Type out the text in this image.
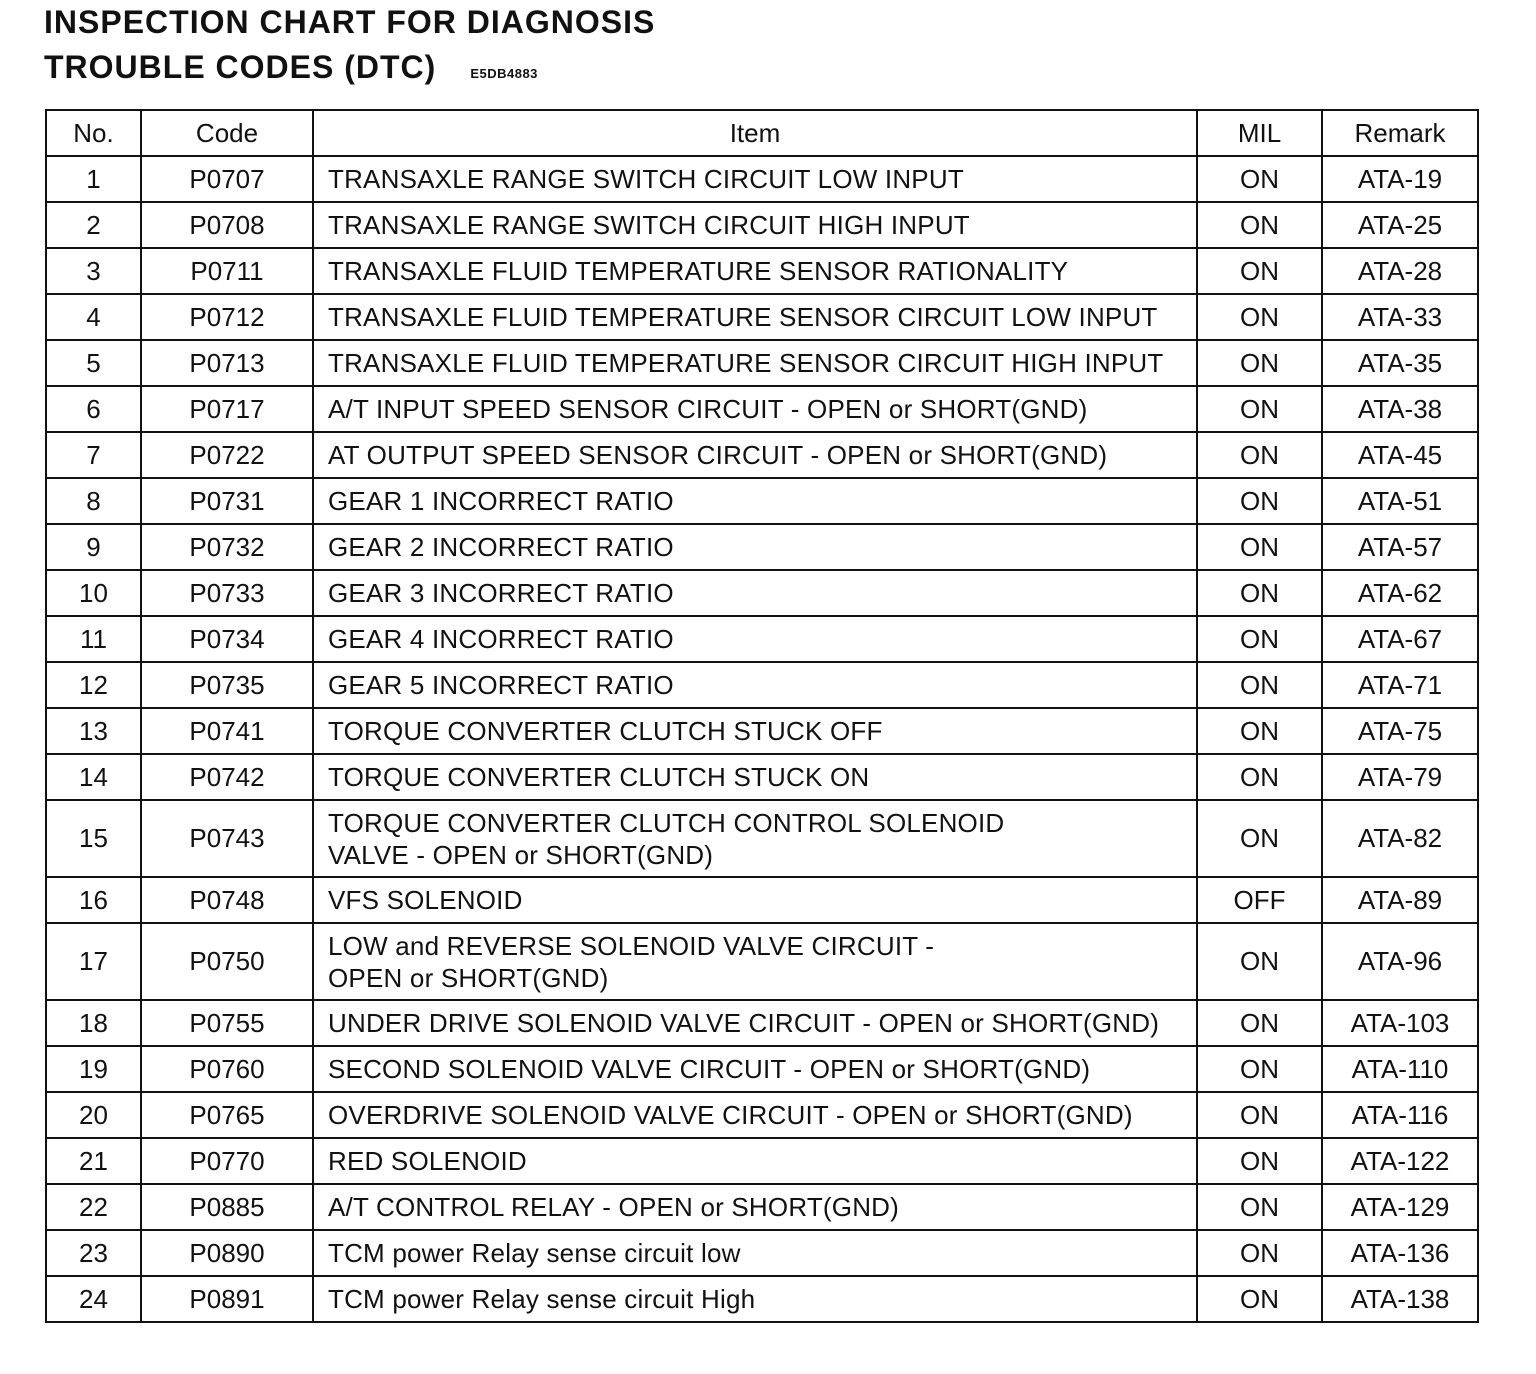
INSPECTION CHART FOR DIAGNOSIS
TROUBLE CODES (DTC)	E5DB4883
No.	Code	Item	MIL	Remark
1	P0707	TRANSAXLE RANGE SWITCH CIRCUIT LOW INPUT	ON	ATA-19
2	P0708	TRANSAXLE RANGE SWITCH CIRCUIT HIGH INPUT	ON	ATA-25
3	P0711	TRANSAXLE FLUID TEMPERATURE SENSOR RATIONALITY	ON	ATA-28
4	P0712	TRANSAXLE FLUID TEMPERATURE SENSOR CIRCUIT LOW INPUT	ON	ATA-33
5	P0713	TRANSAXLE FLUID TEMPERATURE SENSOR CIRCUIT HIGH INPUT	ON	ATA-35
6	P0717	A/T INPUT SPEED SENSOR CIRCUIT - OPEN or SHORT(GND)	ON	ATA-38
7	P0722	AT OUTPUT SPEED SENSOR CIRCUIT - OPEN or SHORT(GND)	ON	ATA-45
8	P0731	GEAR 1 INCORRECT RATIO	ON	ATA-51
9	P0732	GEAR 2 INCORRECT RATIO	ON	ATA-57
10	P0733	GEAR 3 INCORRECT RATIO	ON	ATA-62
11	P0734	GEAR 4 INCORRECT RATIO	ON	ATA-67
12	P0735	GEAR 5 INCORRECT RATIO	ON	ATA-71
13	P0741	TORQUE CONVERTER CLUTCH STUCK OFF	ON	ATA-75
14	P0742	TORQUE CONVERTER CLUTCH STUCK ON	ON	ATA-79
15	P0743	TORQUE CONVERTER CLUTCH CONTROL SOLENOID
VALVE - OPEN or SHORT(GND)	ON	ATA-82
16	P0748	VFS SOLENOID	OFF	ATA-89
17	P0750	LOW and REVERSE SOLENOID VALVE CIRCUIT -
OPEN or SHORT(GND)	ON	ATA-96
18	P0755	UNDER DRIVE SOLENOID VALVE CIRCUIT - OPEN or SHORT(GND)	ON	ATA-103
19	P0760	SECOND SOLENOID VALVE CIRCUIT - OPEN or SHORT(GND)	ON	ATA-110
20	P0765	OVERDRIVE SOLENOID VALVE CIRCUIT - OPEN or SHORT(GND)	ON	ATA-116
21	P0770	RED SOLENOID	ON	ATA-122
22	P0885	A/T CONTROL RELAY - OPEN or SHORT(GND)	ON	ATA-129
23	P0890	TCM power Relay sense circuit low	ON	ATA-136
24	P0891	TCM power Relay sense circuit High	ON	ATA-138
